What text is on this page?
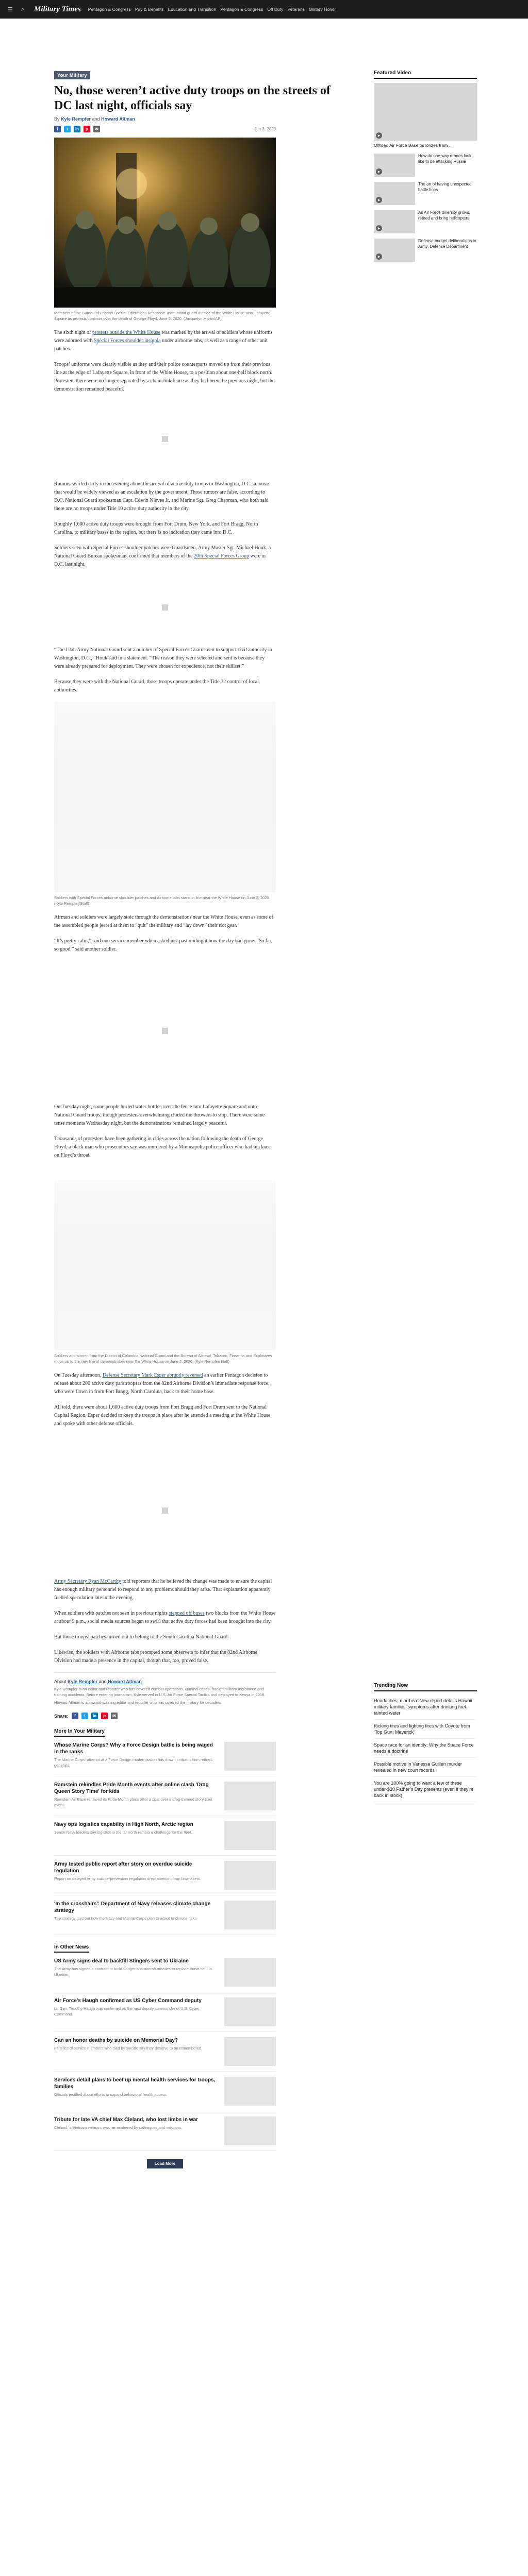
☰	⌕	Military Times Pentagon & Congress Pay & Benefits Education and Transition Pentagon & Congress Off Duty Veterans Military Honor
Your Military
No, those weren’t active duty troops on the streets of DC last night, officials say
By Kyle Rempfer and Howard Altman
f	t	in	p	✉	Jun 3, 2020
Members of the Bureau of Prisons Special Operations Response Team stand guard outside of the White House near Lafayette Square as protests continue over the death of George Floyd, June 2, 2020. (Jacquelyn Martin/AP)

The sixth night of protests outside the White House was marked by the arrival of soldiers whose uniforms were adorned with Special Forces shoulder insignia under airborne tabs, as well as a range of other unit patches.

Troops’ uniforms were clearly visible as they and their police counterparts moved up from their previous line at the edge of Lafayette Square, in front of the White House, to a position about one-half block north. Protesters there were no longer separated by a chain-link fence as they had been the previous night, but the demonstration remained peaceful.

Rumors swirled early in the evening about the arrival of active duty troops to Washington, D.C., a move that would be widely viewed as an escalation by the government. Those rumors are false, according to D.C. National Guard spokesman Capt. Edwin Nieves Jr. and Marine Sgt. Greg Chapman, who both said there are no troops under Title 10 active duty authority in the city.

Roughly 1,600 active duty troops were brought from Fort Drum, New York, and Fort Bragg, North Carolina, to military bases in the region, but there is no indication they came into D.C.

Soldiers seen with Special Forces shoulder patches were Guardsmen, Army Master Sgt. Michael Houk, a National Guard Bureau spokesman, confirmed that members of the 20th Special Forces Group were in D.C. last night.

“The Utah Army National Guard sent a number of Special Forces Guardsmen to support civil authority in Washington, D.C.,” Houk said in a statement. “The reason they were selected and sent is because they were already prepared for deployment. They were chosen for expedience, not their skillset.”

Because they were with the National Guard, those troops operate under the Title 32 control of local authorities.

Soldiers with Special Forces airborne shoulder patches and Airborne tabs stand in line near the White House on June 2, 2020. (Kyle Rempfer/Staff)

Airmen and soldiers were largely stoic through the demonstrations near the White House, even as some of the assembled people jeered at them to “quit” the military and “lay down” their riot gear.

“It’s pretty calm,” said one service member when asked just past midnight how the day had gone. “So far, so good,” said another soldier.

On Tuesday night, some people hurled water bottles over the fence into Lafayette Square and onto National Guard troops, though protesters overwhelming chided the throwers to stop. There were some tense moments Wednesday night, but the demonstrations remained largely peaceful.

Thousands of protesters have been gathering in cities across the nation following the death of George Floyd, a black man who prosecutors say was murdered by a Minneapolis police officer who had his knee on Floyd’s throat.

Soldiers and airmen from the District of Columbia National Guard and the Bureau of Alcohol, Tobacco, Firearms and Explosives move up to the new line of demonstrators near the White House on June 2, 2020. (Kyle Rempfer/Staff)

On Tuesday afternoon, Defense Secretary Mark Esper abruptly reversed an earlier Pentagon decision to release about 200 active duty paratroopers from the 82nd Airborne Division’s immediate response force, who were flown in from Fort Bragg, North Carolina, back to their home base.

All told, there were about 1,600 active duty troops from Fort Bragg and Fort Drum sent to the National Capital Region. Esper decided to keep the troops in place after he attended a meeting at the White House and spoke with other defense officials.

Army Secretary Ryan McCarthy told reporters that he believed the change was made to ensure the capital has enough military personnel to respond to any problems should they arise. That explanation apparently fuelled speculation late in the evening.

When soldiers with patches not seen in previous nights stepped off buses two blocks from the White House at about 9 p.m., social media sources began to swirl that active duty forces had been brought into the city.

But those troops’ patches turned out to belong to the South Carolina National Guard.

Likewise, the soldiers with Airborne tabs prompted some observers to infer that the 82nd Airborne Division had made a presence in the capital, though that, too, proved false.

About Kyle Rempfer and Howard Altman
Kyle Rempfer is an editor and reporter who has covered combat operations, criminal cases, foreign military assistance and training accidents. Before entering journalism, Kyle served in U.S. Air Force Special Tactics and deployed to Kenya in 2018.
Howard Altman is an award-winning editor and reporter who has covered the military for decades.
Share:	f	t	in	p	✉
More In Your Military
Whose Marine Corps? Why a Force Design battle is being waged in the ranks
The Marine Corps' attempt at a Force Design modernization has drawn criticism from retired generals.
Ramstein rekindles Pride Month events after online clash 'Drag Queen Story Time' for kids
Ramstein Air Base renewed its Pride Month plans after a spat over a drag-themed story time event.
Navy ops logistics capability in High North, Arctic region
Senior Navy leaders say logistics in the far north remain a challenge for the fleet.
Army tested public report after story on overdue suicide regulation
Report on delayed Army suicide-prevention regulation drew attention from lawmakers.
'In the crosshairs': Department of Navy releases climate change strategy
The strategy lays out how the Navy and Marine Corps plan to adapt to climate risks.
In Other News
US Army signs deal to backfill Stingers sent to Ukraine
The Army has signed a contract to build Stinger anti-aircraft missiles to replace those sent to Ukraine.
Air Force's Haugh confirmed as US Cyber Command deputy
Lt. Gen. Timothy Haugh was confirmed as the next deputy commander of U.S. Cyber Command.
Can an honor deaths by suicide on Memorial Day?
Families of service members who died by suicide say they deserve to be remembered.
Services detail plans to beef up mental health services for troops, families
Officials testified about efforts to expand behavioral health access.
Tribute for late VA chief Max Cleland, who lost limbs in war
Cleland, a Vietnam veteran, was remembered by colleagues and veterans.
Load More
Featured Video
▶
Offroad Air Force Base terrorizes from ...
▶
How do one-way drones look like to be attacking Russia
▶
The art of having unexpected battle lines
▶
As Air Force diversity grows, retired and bring helicopters
▶
Defense budget deliberations in Army, Defense Department
Trending Now
Headaches, diarrhea: New report details Hawaii military families' symptoms after drinking fuel-tainted water
Kicking tires and lighting fires with Coyote from ‘Top Gun: Maverick’
Space race for an identity: Why the Space Force needs a doctrine
Possible motive in Vanessa Guillen murder revealed in new court records
You are 100% going to want a few of these under-$20 Father’s Day presents (even if they’re back in stock)
